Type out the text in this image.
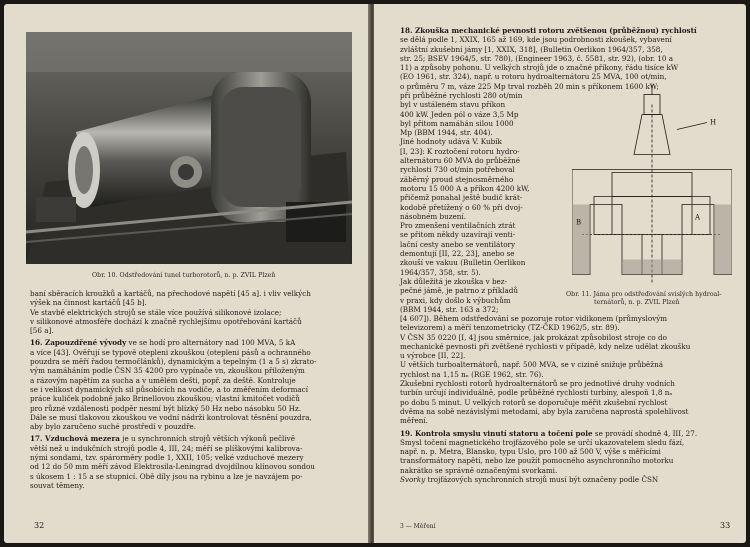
Obr. 10. Odstředování tunel turborotorů, n. p. ZVIL Plzeň
baní sběracích kroužků a kartáčů, na přechodové napětí [45 a]. i vliv velkých
výšek na činnost kartáčů [45 b].
Ve stavbě elektrických strojů se stále více používá silikonové izolace;
v silikonové atmosféře dochází k značně rychlejšímu opotřebování kartáčů
[56 a].
16. Zapouzdřené vývody ve se hodí pro alternátory nad 100 MVA, 5 kA
a více [43]. Ověřují se typově otepleni zkouškou (otepleni pásů a ochranného
pouzdra se měří řadou termočlánků), dynamickým a tepelným (1 a 5 s) zkrato-
vým namáháním podle ČSN 35 4200 pro vypínače vn, zkouškou přiloženým
a rázovým napětím za sucha a v umělém dešti, popř. za deště. Kontroluje
se i velikost dynamických sil působících na vodiče, a to změřením deformací
práce kuliček podobně jako Brinellovou zkouškou; vlastní kmitočet vodičů
pro různé vzdálenosti podpěr nesmí být blízký 50 Hz nebo násobku 50 Hz.
Dále se musí tlakovou zkouškou ve vodní nádrži kontrolovat těsnění pouzdra,
aby bylo zaručeno suché prostředí v pouzdře.
17. Vzduchová mezera je u synchronních strojů větších výkonů pečlivě
větší než u indukčních strojů podle 4, III, 24; měří se plíškovými kalibrova-
nými sondami, tzv. spárorměry podle 1, XXII, 105; velké vzduchové mezery
od 12 do 50 mm měří závod Elektrosila-Leningrad dvojdílnou klínovou sondou
s úkosem 1 : 15 a se stupnicí. Obě díly jsou na rybinu a lze je navzájem po-
souvat těmeny.
32
18. Zkouška mechanické pevnosti rotoru zvětšenou (průběžnou) rychlostí
se dělá podle 1, XXIX, 165 až 169, kde jsou podrobnosti zkoušek, vybavení
zvláštní zkušební jámy [1, XXIX, 318], (Bulletin Oerlikon 1964/357, 358,
str. 25; BSEV 1964/5, str. 780), (Engineer 1963, č. 5581, str. 92), (obr. 10 a
11) a způsoby pohonu. U velkých strojů jde o značné příkony, řádu tisíce kW
(EO 1961, str. 324), např. u rotoru hydroalternátoru 25 MVA, 100 ot/min,
o průměru 7 m, váze 225 Mp trval rozběh 20 min s příkonem 1600 kW;
při průběžné rychlosti 280 ot/min
byl v ustáleném stavu příkon
400 kW. Jeden pól o váze 3,5 Mp
byl přitom namáhán silou 1000
Mp (BBM 1944, str. 404).
Jiné hodnoty udává V. Kubík
[I, 23]: K roztočení rotoru hydro-
alternátoru 60 MVA do průběžné
rychlosti 730 ot/min potřeboval
záběrný proud stejnosměrného
motoru 15 000 A a příkon 4200 kW,
přičemž ponahal ještě budič krát-
kodobě přetížený o 60 % při dvoj-
násobném buzení.
Pro zmenšení ventilačních ztrát
se přitom někdy uzavírají venti-
lační cesty anebo se ventilátory
demontují [II, 22, 23], anebo se
zkouší ve vakuu (Bulletin Oerlikon
1964/357, 358, str. 5).
Jak důležitá je zkouška v bez-
pečné jámě, je patrno z příkladů
v praxi, kdy došlo k výbuchům
(BBM 1944, str. 163 a 372;
[4 607]). Během odstředování se pozoruje rotor vidikonem (průmyslovým
televizorem) a měří tenzometricky (TZ-ČKD 1962/5, str. 89).
V ČSN 35 0220 [I, 4] jsou směrnice, jak prokázat způsobilost stroje co do
mechanické pevnosti při zvětšené rychlosti v případě, kdy nelze udělat zkoušku
u výrobce [II, 22].
U větších turboalternátorů, např. 500 MVA, se v cizině snižuje průběžná
rychlost na 1,15 nₙ (RGE 1962, str. 76).
Zkušební rychlosti rotorů hydroalternátorů se pro jednotlivé druhy vodních
turbín určují individuálně, podle průběžné rychlosti turbíny, alespoň 1,8 nₙ
po dobu 5 minut. U velkých rotorů se doporučuje měřit zkušební rychlost
dvěma na sobě nezávislými metodami, aby byla zaručena naprostá spolehlivost
měření.
19. Kontrola smyslu vinutí statoru a točení pole se provádí shodně 4, III, 27.
Smysl točení magnetického trojfázového pole se určí ukazovatelem sledu fází,
např. n. p. Metra, Blansko, typu Uslo, pro 100 až 500 V, výše s měřicími
transformátory napětí, nebo lze použít pomocného asynchronního motorku
nakrátko se správně označenými svorkami.
Svorky trojfázových synchronních strojů musí být označeny podle ČSN
H
B
A
Obr. 11. Jáma pro odstřeďování svislých hydroal-
ternátorů, n. p. ZVIL Plzeň
3 — Měření	33
